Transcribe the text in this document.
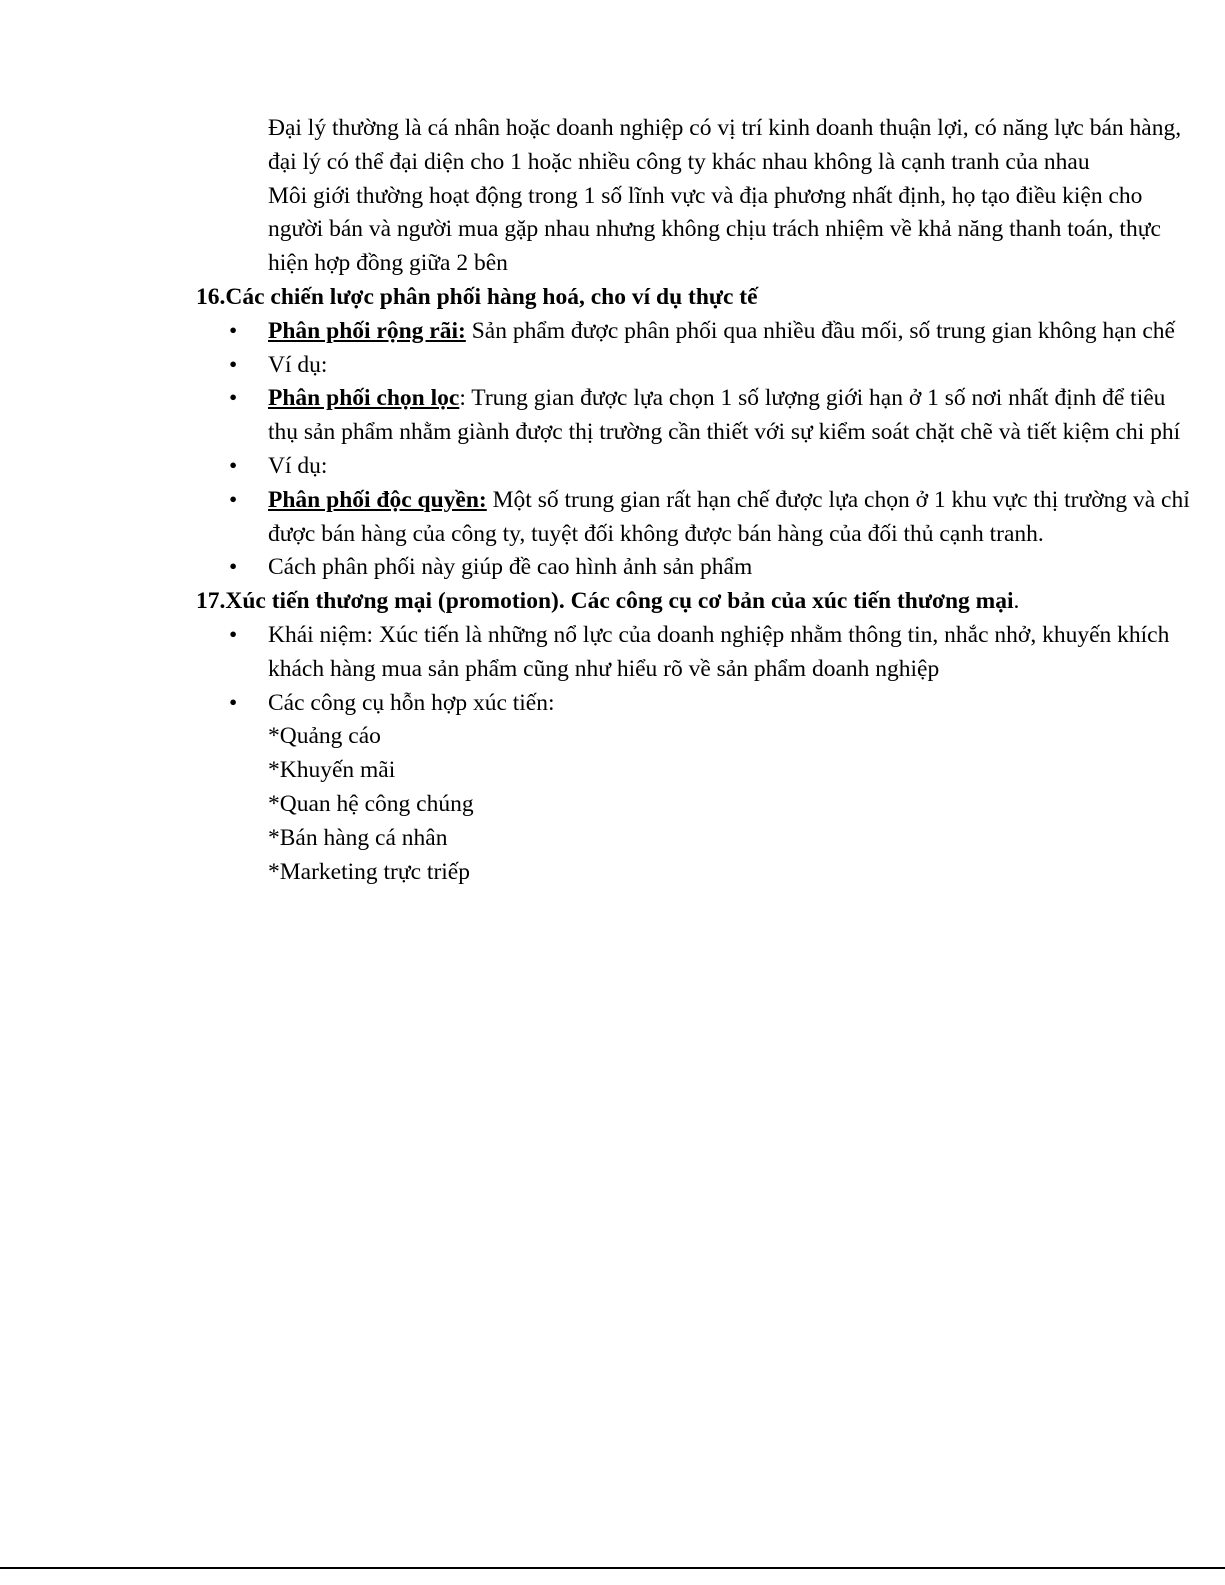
Đại lý thường là cá nhân hoặc doanh nghiệp có vị trí kinh doanh thuận lợi, có năng lực bán hàng, đại lý có thể đại diện cho 1 hoặc nhiều công ty khác nhau không là cạnh tranh của nhau

Môi giới thường hoạt động trong 1 số lĩnh vực và địa phương nhất định, họ tạo điều kiện cho người bán và người mua gặp nhau nhưng không chịu trách nhiệm về khả năng thanh toán, thực hiện hợp đồng giữa 2 bên

16.Các chiến lược phân phối hàng hoá, cho ví dụ thực tế

• Phân phối rộng rãi: Sản phẩm được phân phối qua nhiều đầu mối, số trung gian không hạn chế
• Ví dụ:
• Phân phối chọn lọc: Trung gian được lựa chọn 1 số lượng giới hạn ở 1 số nơi nhất định để tiêu thụ sản phẩm nhằm giành được thị trường cần thiết với sự kiểm soát chặt chẽ và tiết kiệm chi phí
• Ví dụ:
• Phân phối độc quyền: Một số trung gian rất hạn chế được lựa chọn ở 1 khu vực thị trường và chỉ được bán hàng của công ty, tuyệt đối không được bán hàng của đối thủ cạnh tranh.
• Cách phân phối này giúp đề cao hình ảnh sản phẩm

17.Xúc tiến thương mại (promotion). Các công cụ cơ bản của xúc tiến thương mại.

• Khái niệm: Xúc tiến là những nổ lực của doanh nghiệp nhằm thông tin, nhắc nhở, khuyến khích khách hàng mua sản phẩm cũng như hiểu rõ về sản phẩm doanh nghiệp
• Các công cụ hỗn hợp xúc tiến:

*Quảng cáo

*Khuyến mãi

*Quan hệ công chúng

*Bán hàng cá nhân

*Marketing trực triếp
